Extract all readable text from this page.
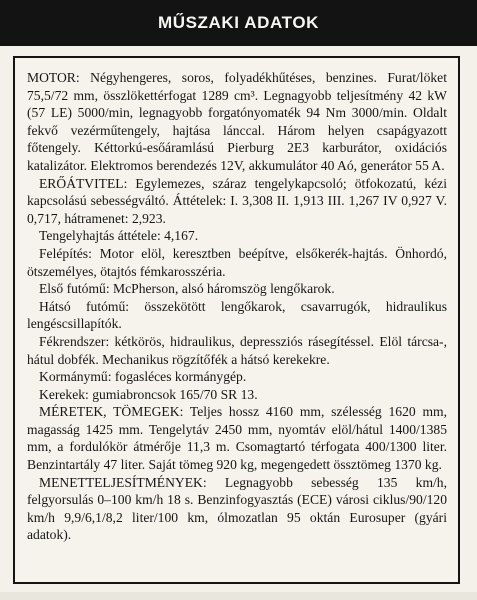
MŰSZAKI ADATOK

MOTOR: Négyhengeres, soros, folyadékhűtéses, benzines. Furat/löket 75,5/72 mm, összlökettérfogat 1289 cm³. Legnagyobb teljesítmény 42 kW (57 LE) 5000/min, legnagyobb forgatónyomaték 94 Nm 3000/min. Oldalt fekvő vezérműtengely, hajtása lánccal. Három helyen csapágyazott főtengely. Kéttorkú-esőáramlású Pierburg 2E3 karburátor, oxidációs katalizátor. Elektromos berendezés 12V, akkumulátor 40 Aó, generátor 55 A.

ERŐÁTVITEL: Egylemezes, száraz tengelykapcsoló; ötfokozatú, kézi kapcsolású sebességváltó. Áttételek: I. 3,308 II. 1,913 III. 1,267 IV 0,927 V. 0,717, hátramenet: 2,923.

Tengelyhajtás áttétele: 4,167.

Felépítés: Motor elöl, keresztben beépítve, elsőkerék-hajtás. Önhordó, ötszemélyes, ötajtós fémkarosszéria.

Első futómű: McPherson, alsó háromszög lengőkarok.

Hátsó futómű: összekötött lengőkarok, csavarrugók, hidraulikus lengéscsillapítók.

Fékrendszer: kétkörös, hidraulikus, depressziós rásegítéssel. Elöl tárcsa-, hátul dobfék. Mechanikus rögzítőfék a hátsó kerekekre.

Kormánymű: fogasléces kormánygép.

Kerekek: gumiabroncsok 165/70 SR 13.

MÉRETEK, TÖMEGEK: Teljes hossz 4160 mm, szélesség 1620 mm, magasság 1425 mm. Tengelytáv 2450 mm, nyomtáv elöl/hátul 1400/1385 mm, a fordulókör átmérője 11,3 m. Csomagtartó térfogata 400/1300 liter. Benzintartály 47 liter. Saját tömeg 920 kg, megengedett össztömeg 1370 kg.

MENETTELJESÍTMÉNYEK: Legnagyobb sebesség 135 km/h, felgyorsulás 0–100 km/h 18 s. Benzinfogyasztás (ECE) városi ciklus/90/120 km/h 9,9/6,1/8,2 liter/100 km, ólmozatlan 95 oktán Eurosuper (gyári adatok).
